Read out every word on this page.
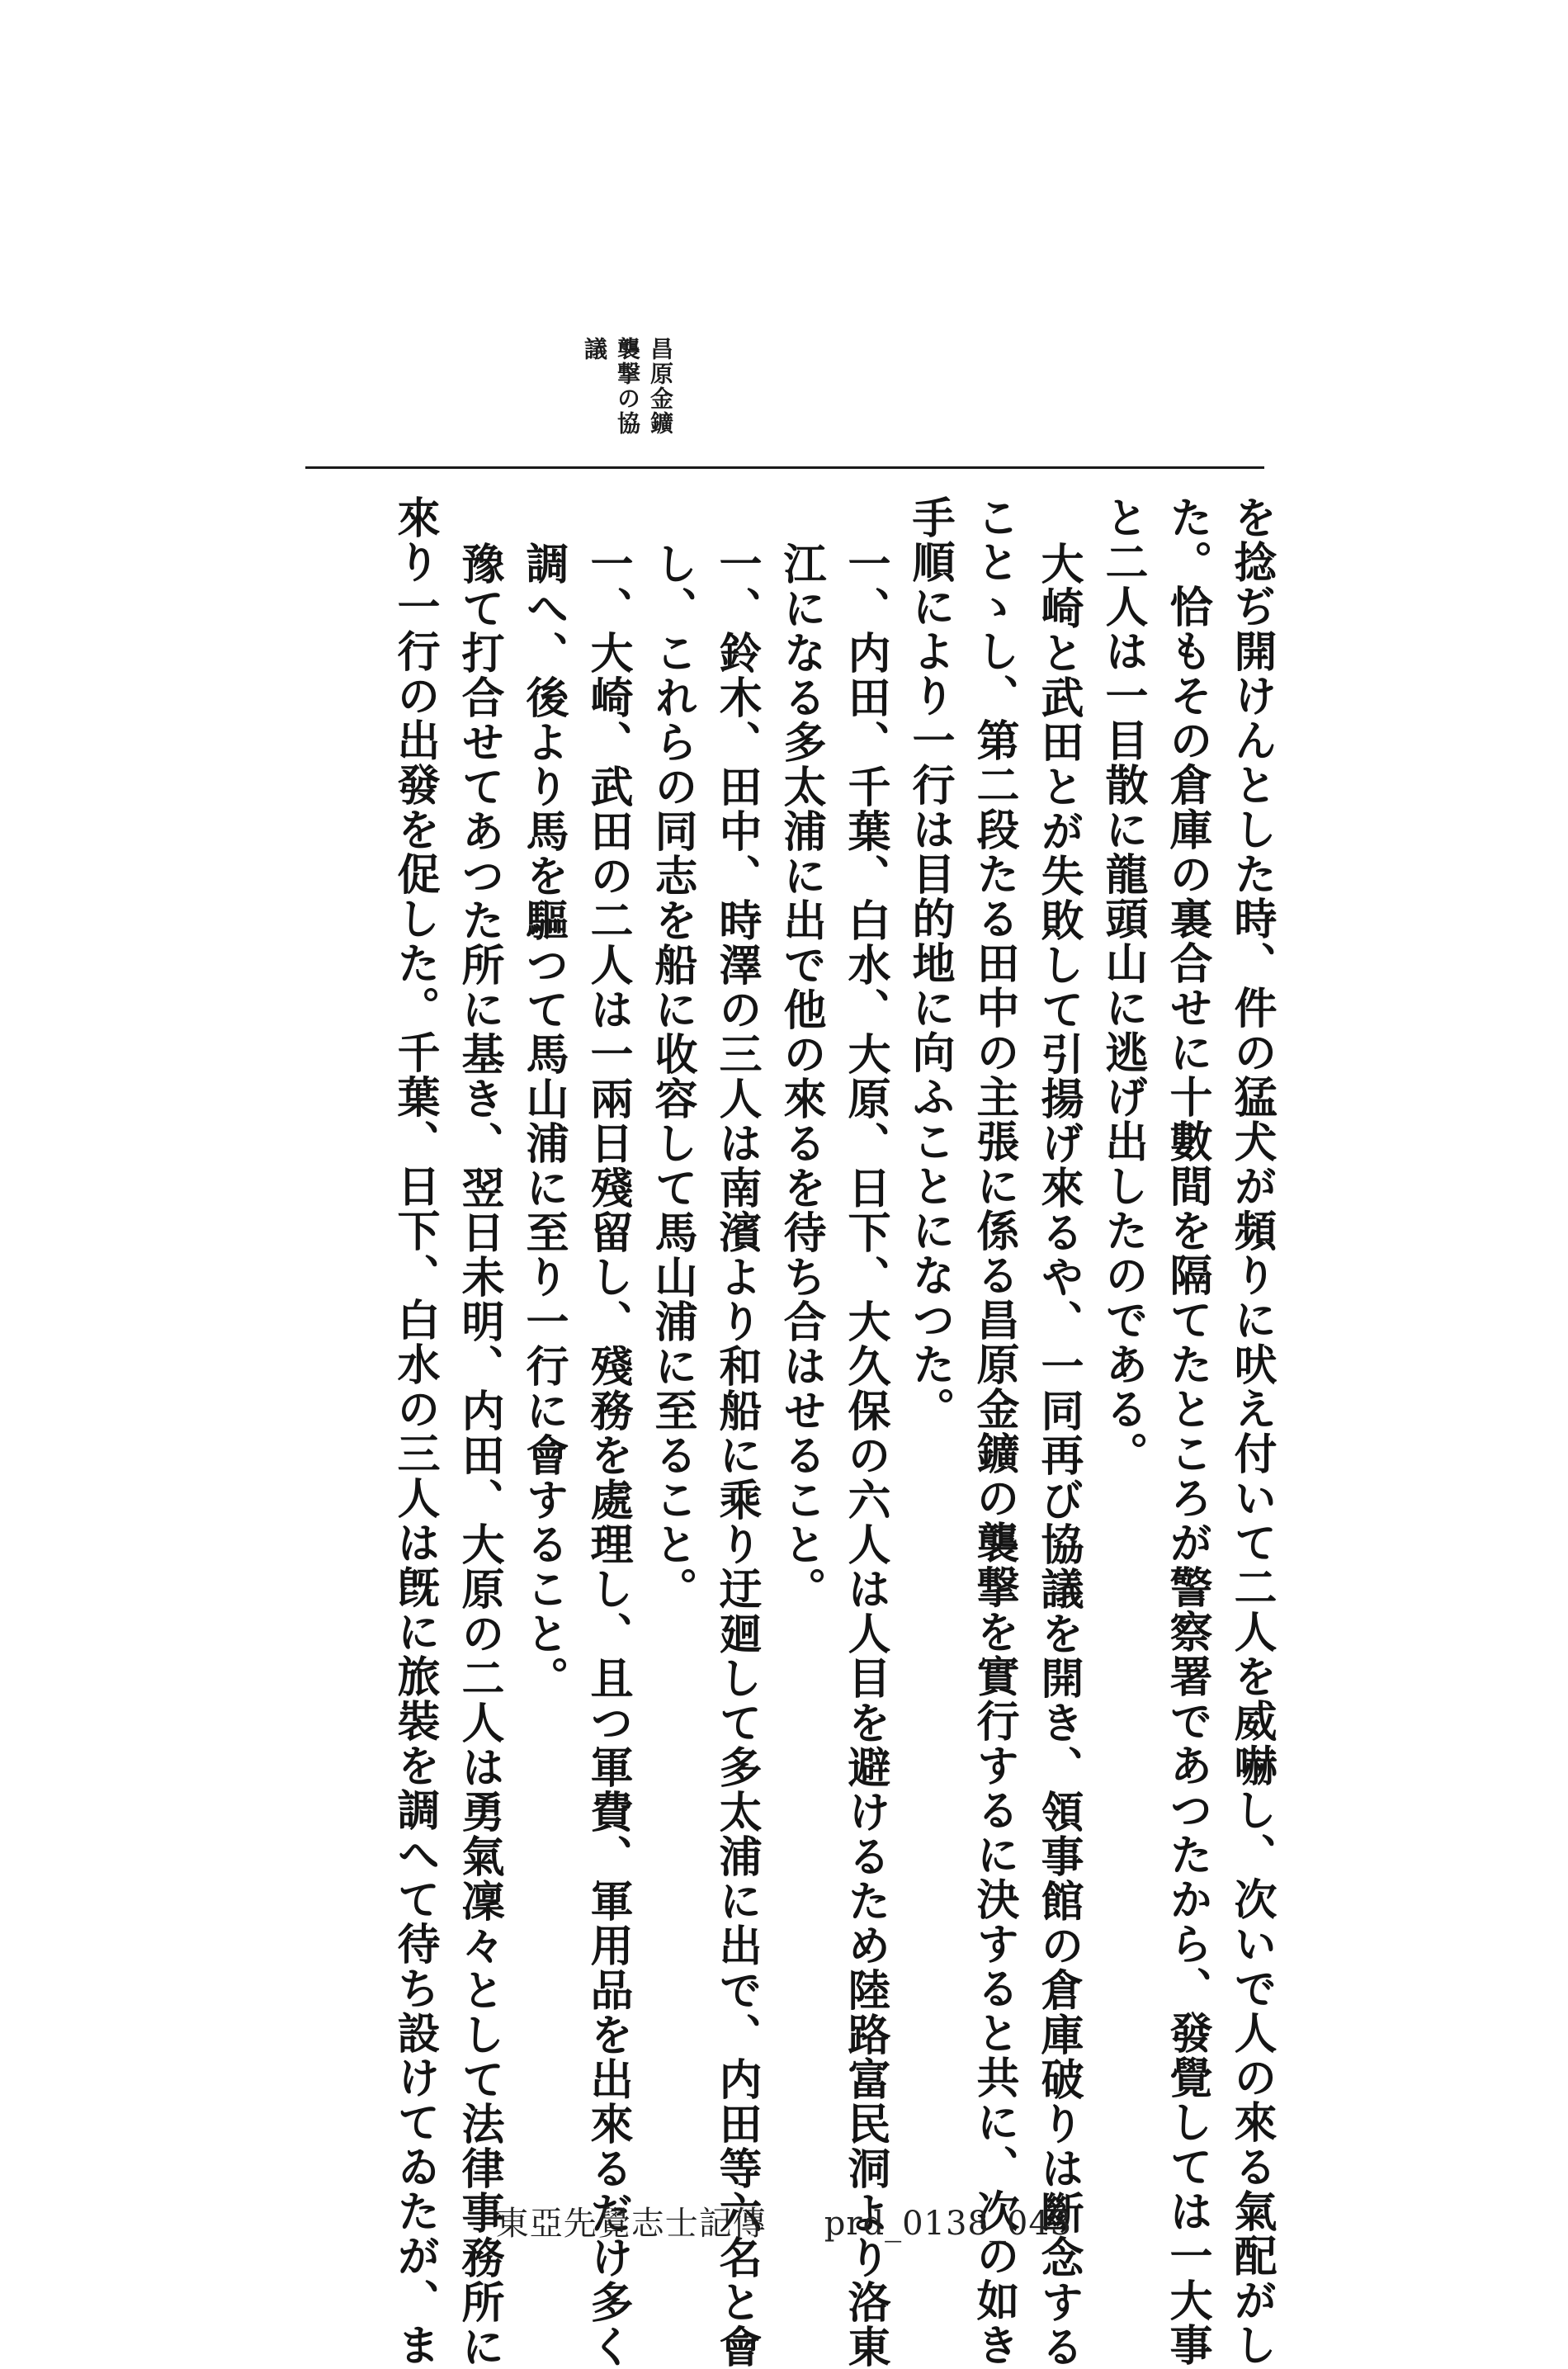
昌原金鑛
襲撃の協
議
を捻ぢ開けんとした時、件の猛犬が頻りに吠え付いて二人を威嚇し、次いで人の來る氣配がし
た。恰もその倉庫の裏合せに十數間を隔てたところが警察署であつたから、發覺しては一大事
と二人は一目散に龍頭山に逃げ出したのである。
大崎と武田とが失敗して引揚げ來るや、一同再び協議を開き、領事館の倉庫破りは斷念する
ことゝし、第二段たる田中の主張に係る昌原金鑛の襲撃を實行するに決すると共に、次の如き
手順により一行は目的地に向ふことになつた。
一、内田、千葉、白水、大原、日下、大久保の六人は人目を避けるため陸路富民洞より洛東
江になる多太浦に出で他の來るを待ち合はせること。
一、鈴木、田中、時澤の三人は南濱より和船に乘り迂廻して多太浦に出で、内田等六名と會
し、これらの同志を船に收容して馬山浦に至ること。
一、大崎、武田の二人は一兩日殘留し、殘務を處理し、且つ軍費、軍用品を出來るだけ多く
調へ、後より馬を驅つて馬山浦に至り一行に會すること。
豫て打合せてあつた所に基き、翌日未明、内田、大原の二人は勇氣凜々として法律事務所に
來り一行の出發を促した。千葉、日下、白水の三人は旣に旅裝を調へて待ち設けてゐたが、ま	東亞先覺志士記傳 prd_0138_043
